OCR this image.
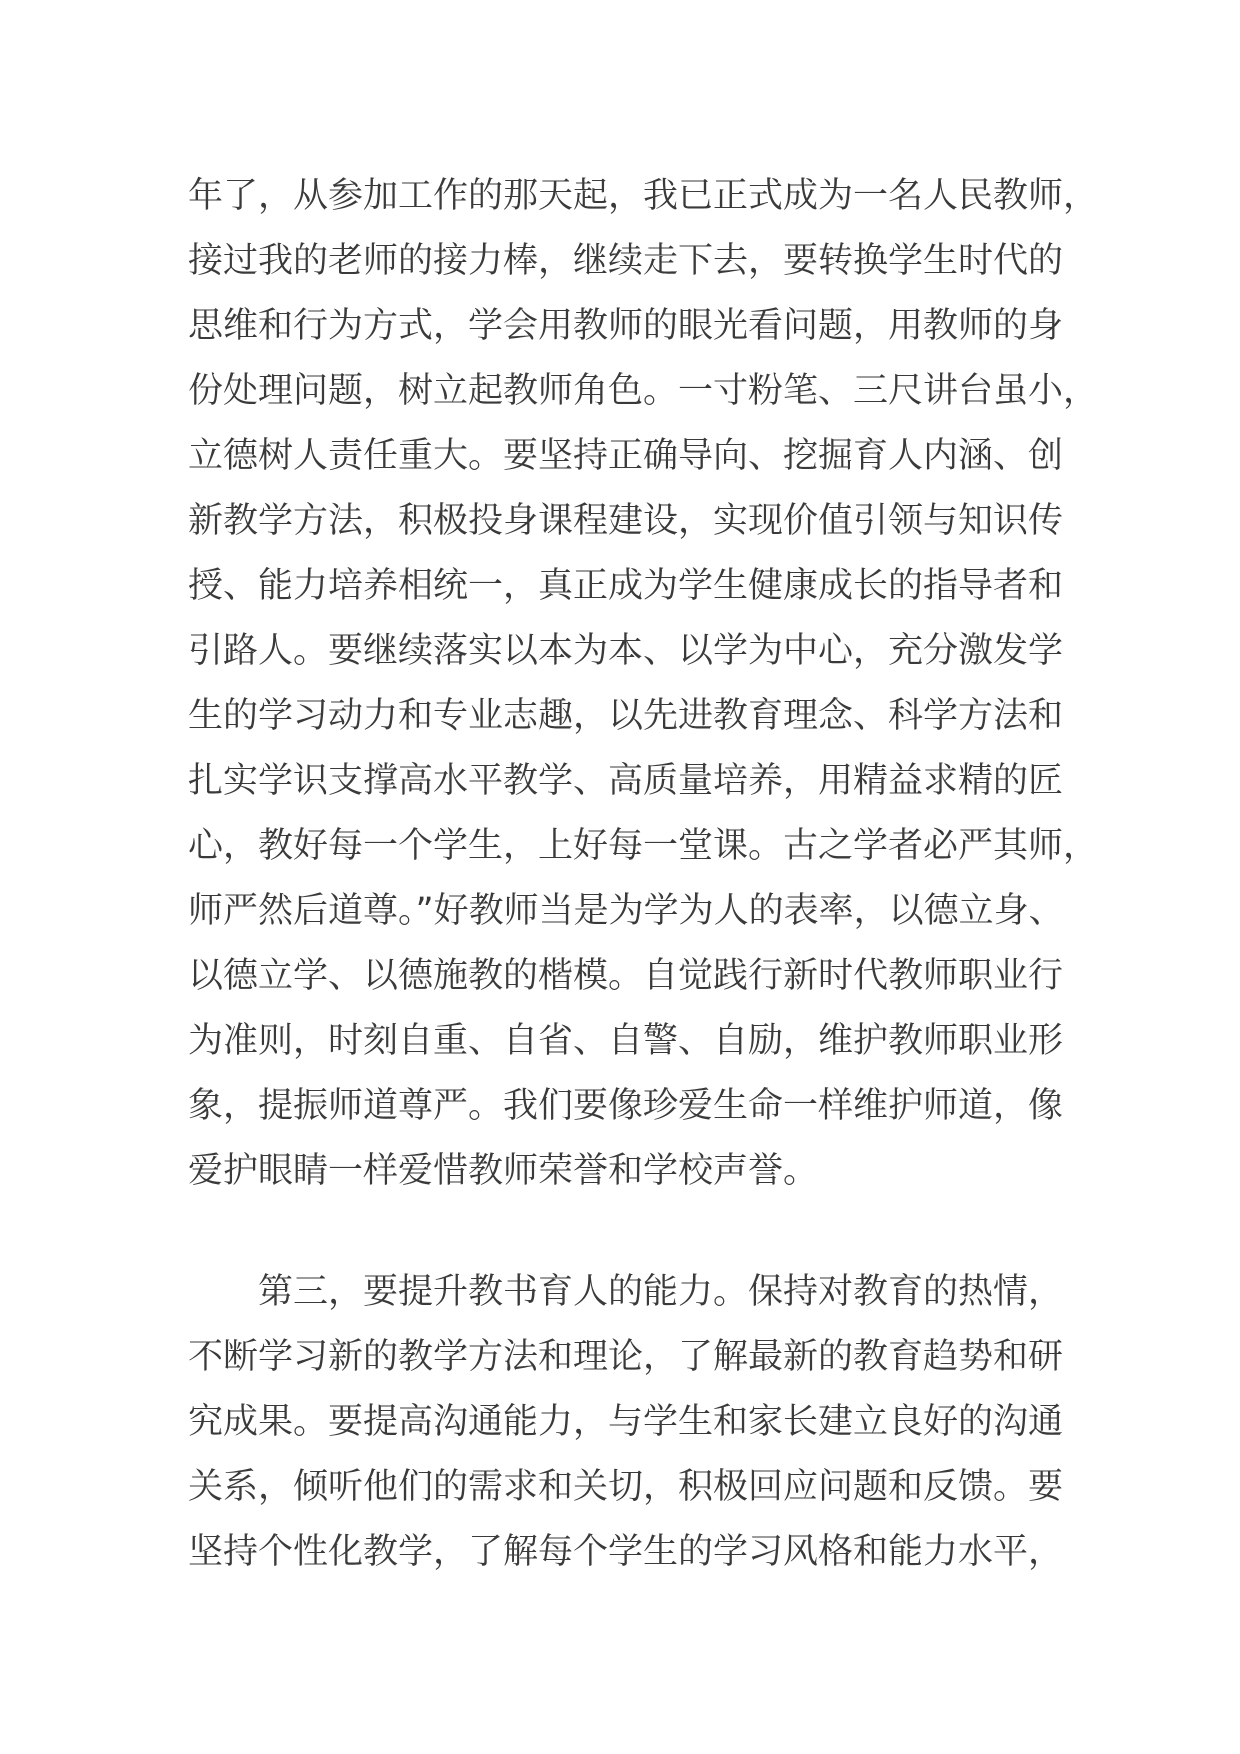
年了，从参加工作的那天起，我已正式成为一名人民教师，
接过我的老师的接力棒，继续走下去，要转换学生时代的
思维和行为方式，学会用教师的眼光看问题，用教师的身
份处理问题，树立起教师角色。一寸粉笔、三尺讲台虽小，
立德树人责任重大。要坚持正确导向、挖掘育人内涵、创
新教学方法，积极投身课程建设，实现价值引领与知识传
授、能力培养相统一，真正成为学生健康成长的指导者和
引路人。要继续落实以本为本、以学为中心，充分激发学
生的学习动力和专业志趣，以先进教育理念、科学方法和
扎实学识支撑高水平教学、高质量培养，用精益求精的匠
心，教好每一个学生，上好每一堂课。古之学者必严其师，
师严然后道尊。”好教师当是为学为人的表率，以德立身、
以德立学、以德施教的楷模。自觉践行新时代教师职业行
为准则，时刻自重、自省、自警、自励，维护教师职业形
象，提振师道尊严。我们要像珍爱生命一样维护师道，像
爱护眼睛一样爱惜教师荣誉和学校声誉。
第三，要提升教书育人的能力。保持对教育的热情，
不断学习新的教学方法和理论，了解最新的教育趋势和研
究成果。要提高沟通能力，与学生和家长建立良好的沟通
关系，倾听他们的需求和关切，积极回应问题和反馈。要
坚持个性化教学，了解每个学生的学习风格和能力水平，
